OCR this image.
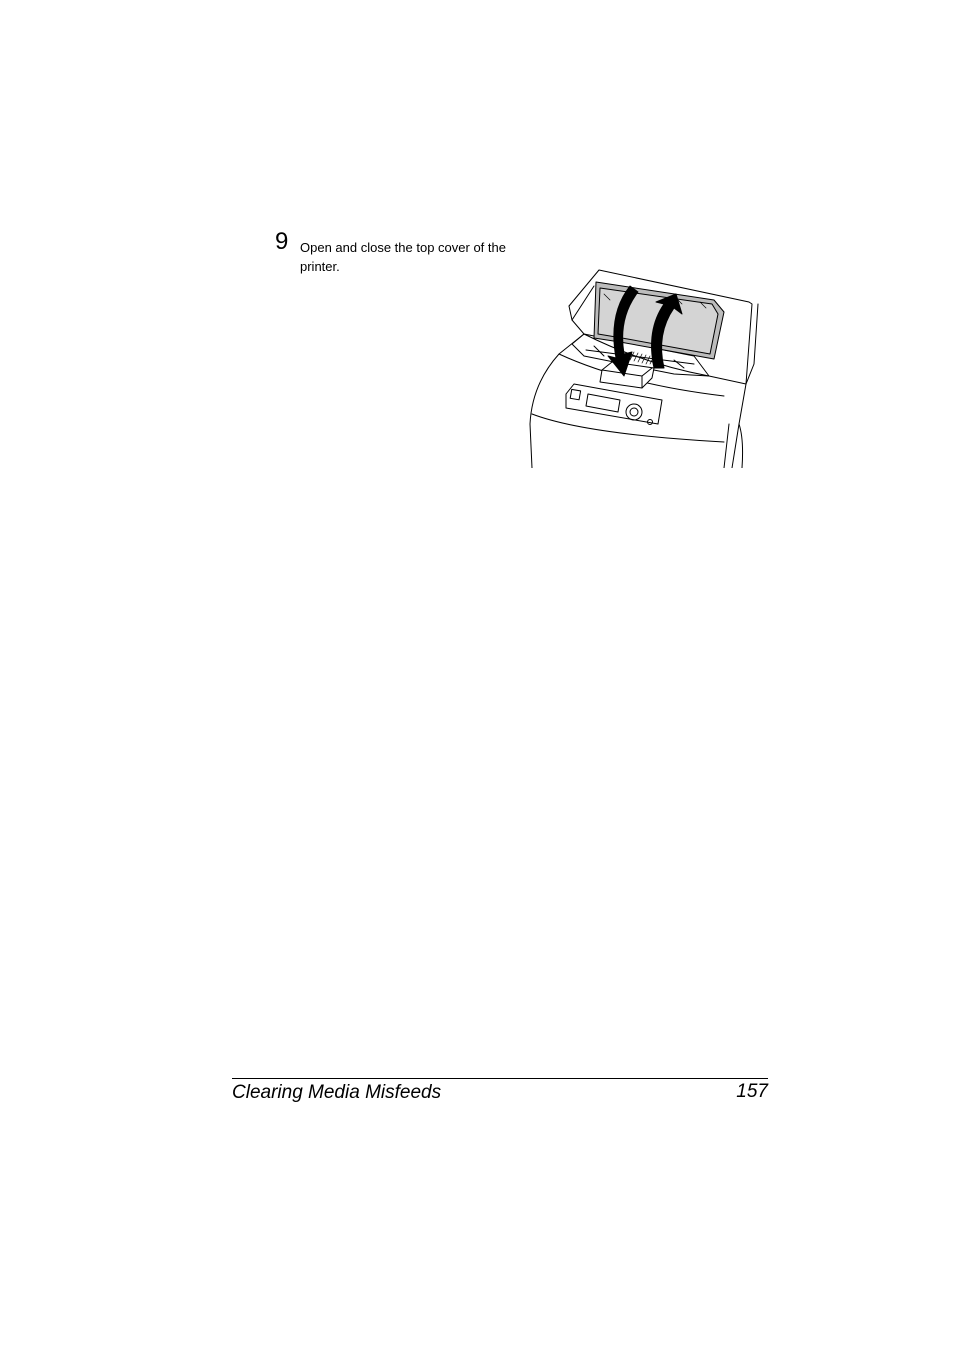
9 Open and close the top cover of the printer.
Clearing Media Misfeeds	157
